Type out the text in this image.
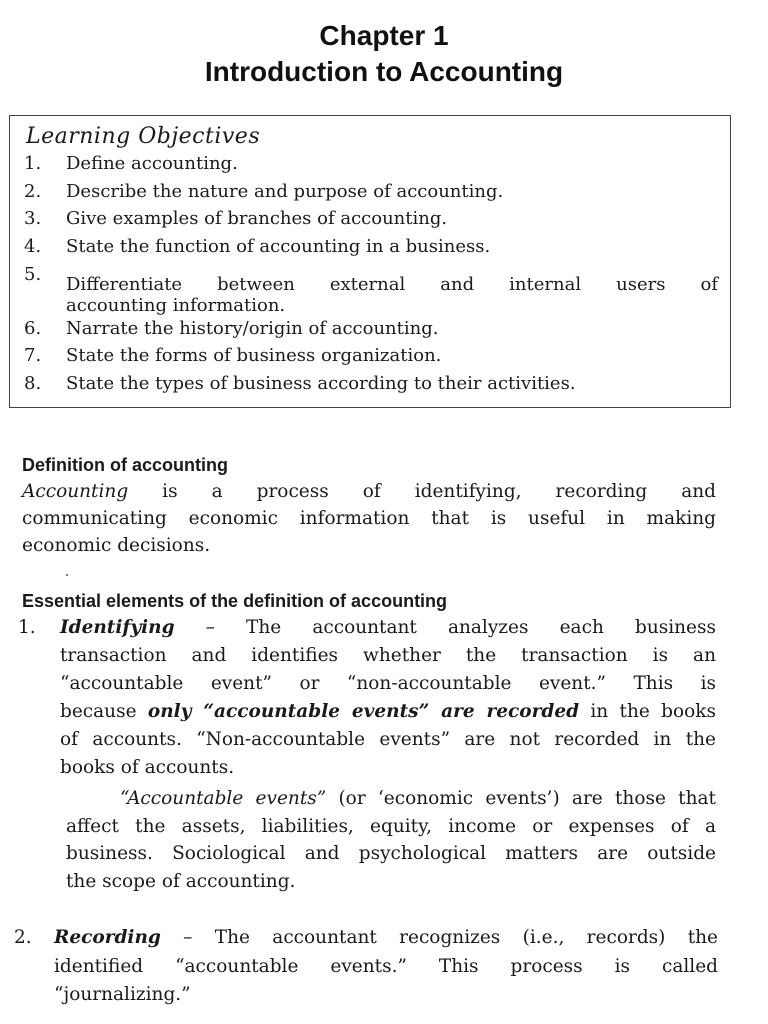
Chapter 1
Introduction to Accounting
Learning Objectives
1. Define accounting.
2. Describe the nature and purpose of accounting.
3. Give examples of branches of accounting.
4. State the function of accounting in a business.
5. Differentiate between external and internal users of
accounting information.
6. Narrate the history/origin of accounting.
7. State the forms of business organization.
8. State the types of business according to their activities.
Definition of accounting
Accounting is a process of identifying, recording and
communicating economic information that is useful in making
economic decisions.
Essential elements of the definition of accounting
1. Identifying – The accountant analyzes each business
transaction and identifies whether the transaction is an
“accountable event” or “non-accountable event.” This is
because only “accountable events” are recorded in the books
of accounts. “Non-accountable events” are not recorded in the
books of accounts.
“Accountable events” (or ‘economic events’) are those that
affect the assets, liabilities, equity, income or expenses of a
business. Sociological and psychological matters are outside
the scope of accounting.
2. Recording – The accountant recognizes (i.e., records) the
identified “accountable events.” This process is called
“journalizing.”
